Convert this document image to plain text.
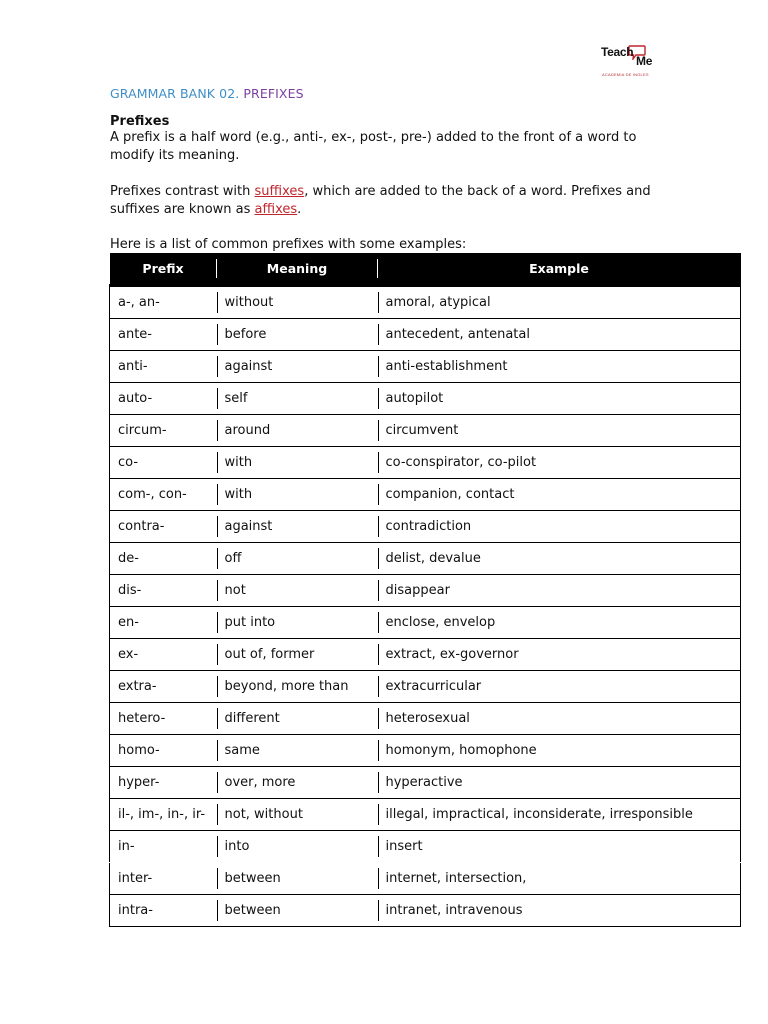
Teach
Me
ACADEMIA DE INGLES
GRAMMAR BANK 02. PREFIXES
Prefixes
A prefix is a half word (e.g., anti-, ex-, post-, pre-) added to the front of a word to modify its meaning.
Prefixes contrast with suffixes, which are added to the back of a word. Prefixes and suffixes are known as affixes.
Here is a list of common prefixes with some examples:
Prefix	Meaning	Example
a-, an-	without	amoral, atypical
ante-	before	antecedent, antenatal
anti-	against	anti-establishment
auto-	self	autopilot
circum-	around	circumvent
co-	with	co-conspirator, co-pilot
com-, con-	with	companion, contact
contra-	against	contradiction
de-	off	delist, devalue
dis-	not	disappear
en-	put into	enclose, envelop
ex-	out of, former	extract, ex-governor
extra-	beyond, more than	extracurricular
hetero-	different	heterosexual
homo-	same	homonym, homophone
hyper-	over, more	hyperactive
il-, im-, in-, ir-	not, without	illegal, impractical, inconsiderate, irresponsible
in-	into	insert
inter-	between	internet, intersection,
intra-	between	intranet, intravenous
